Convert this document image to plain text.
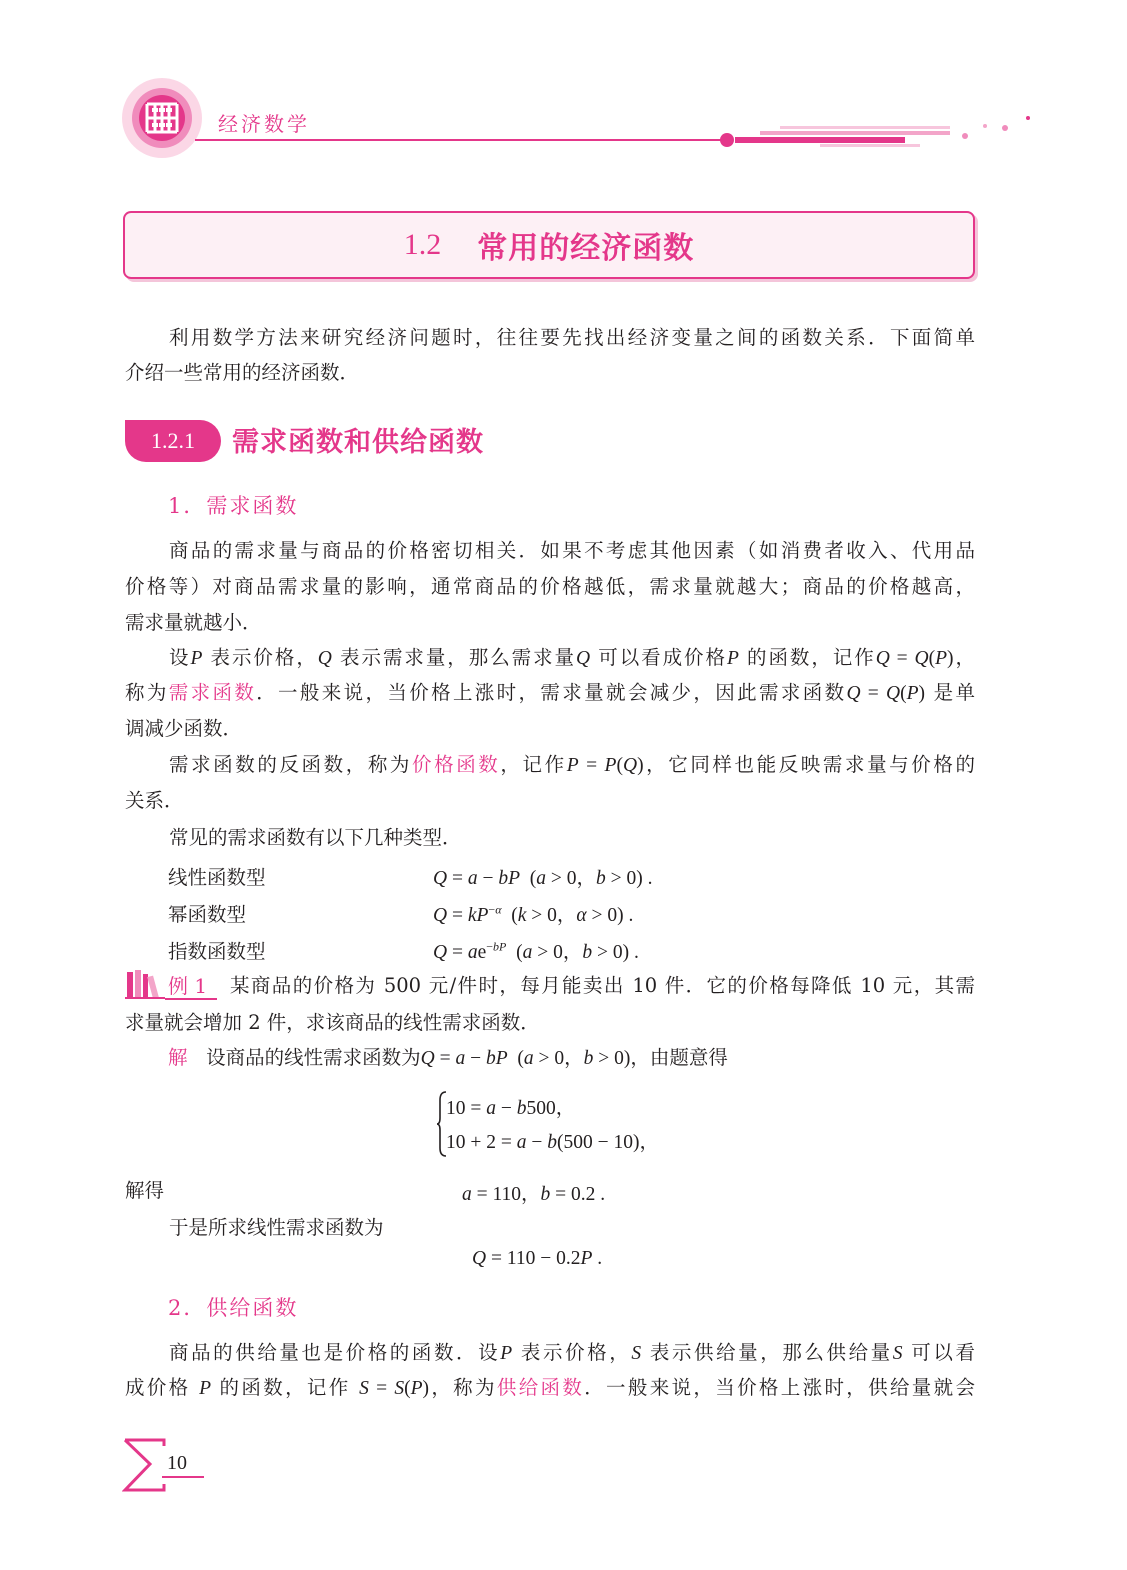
经济数学
1.2 常用的经济函数

利用数学方法来研究经济问题时，往往要先找出经济变量之间的函数关系．下面简单

介绍一些常用的经济函数．

1.2.1	需求函数和供给函数
1．需求函数

商品的需求量与商品的价格密切相关．如果不考虑其他因素（如消费者收入、代用品

价格等）对商品需求量的影响，通常商品的价格越低，需求量就越大；商品的价格越高，

需求量就越小．

设P 表示价格，Q 表示需求量，那么需求量Q 可以看成价格P 的函数，记作Q = Q(P)，

称为需求函数．一般来说，当价格上涨时，需求量就会减少，因此需求函数Q = Q(P) 是单

调减少函数．

需求函数的反函数，称为价格函数，记作P = P(Q)，它同样也能反映需求量与价格的

关系．

常见的需求函数有以下几种类型．

线性函数型	Q = a − bP  (a > 0，b > 0) .
幂函数型	$Q = kP^{-\alpha}$  (k > 0，α > 0) .
指数函数型	$Q = ae^{-bP}$  (a > 0，b > 0) .
例 1 某商品的价格为 500 元/件时，每月能卖出 10 件．它的价格每降低 10 元，其需

求量就会增加 2 件，求该商品的线性需求函数．

解 设商品的线性需求函数为Q = a − bP  (a > 0，b > 0)，由题意得

10 = a − b500，
10 + 2 = a − b(500 − 10)，

解得	a = 110，b = 0.2 .

于是所求线性需求函数为

Q = 110 − 0.2P .
2．供给函数

商品的供给量也是价格的函数．设P 表示价格，S 表示供给量，那么供给量S 可以看

成价格 P 的函数，记作 S = S(P)，称为供给函数．一般来说，当价格上涨时，供给量就会

10
